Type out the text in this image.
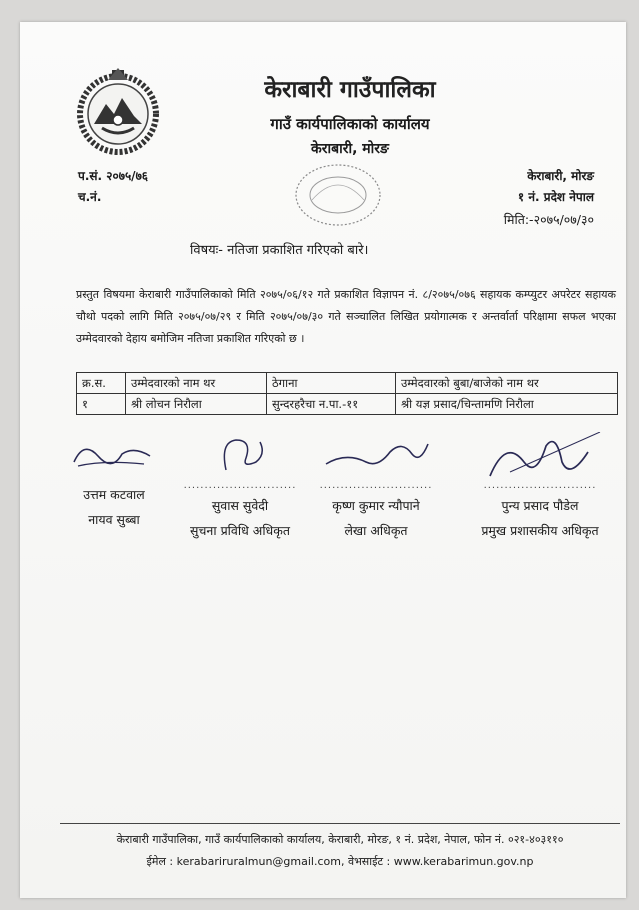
केराबारी गाउँपालिका
गाउँ कार्यपालिकाको कार्यालय
केराबारी, मोरङ
प.सं. २०७५/७६
च.नं.
केराबारी, मोरङ
१ नं. प्रदेश नेपाल
मिति:-२०७५/०७/३०
विषयः- नतिजा प्रकाशित गरिएको बारे।
प्रस्तुत विषयमा केराबारी गाउँपालिकाको मिति २०७५/०६/१२ गते प्रकाशित विज्ञापन नं. ८/२०७५/०७६ सहायक कम्प्युटर अपरेटर सहायक चौथो पदको लागि मिति २०७५/०७/२९ र मिति २०७५/०७/३० गते सञ्चालित लिखित प्रयोगात्मक र अन्तर्वार्ता परिक्षामा सफल भएका उम्मेदवारको देहाय बमोजिम नतिजा प्रकाशित गरिएको छ ।
क्र.स.	उम्मेदवारको नाम थर	ठेगाना	उम्मेदवारको बुबा/बाजेको नाम थर
१	श्री लोचन निरौला	सुन्दरहरैचा न.पा.-११	श्री यज्ञ प्रसाद/चिन्तामणि निरौला
उत्तम कटवाल
नायव सुब्बा
...........................
सुवास सुवेदी
सुचना प्रविधि अधिकृत
...........................
कृष्ण कुमार न्यौपाने
लेखा अधिकृत
...........................
पुन्य प्रसाद पौडेल
प्रमुख प्रशासकीय अधिकृत
केराबारी गाउँपालिका, गाउँ कार्यपालिकाको कार्यालय, केराबारी, मोरङ, १ नं. प्रदेश, नेपाल, फोन नं. ०२१-४०३११०
ईमेल : kerabariruralmun@gmail.com, वेभसाईट : www.kerabarimun.gov.np
